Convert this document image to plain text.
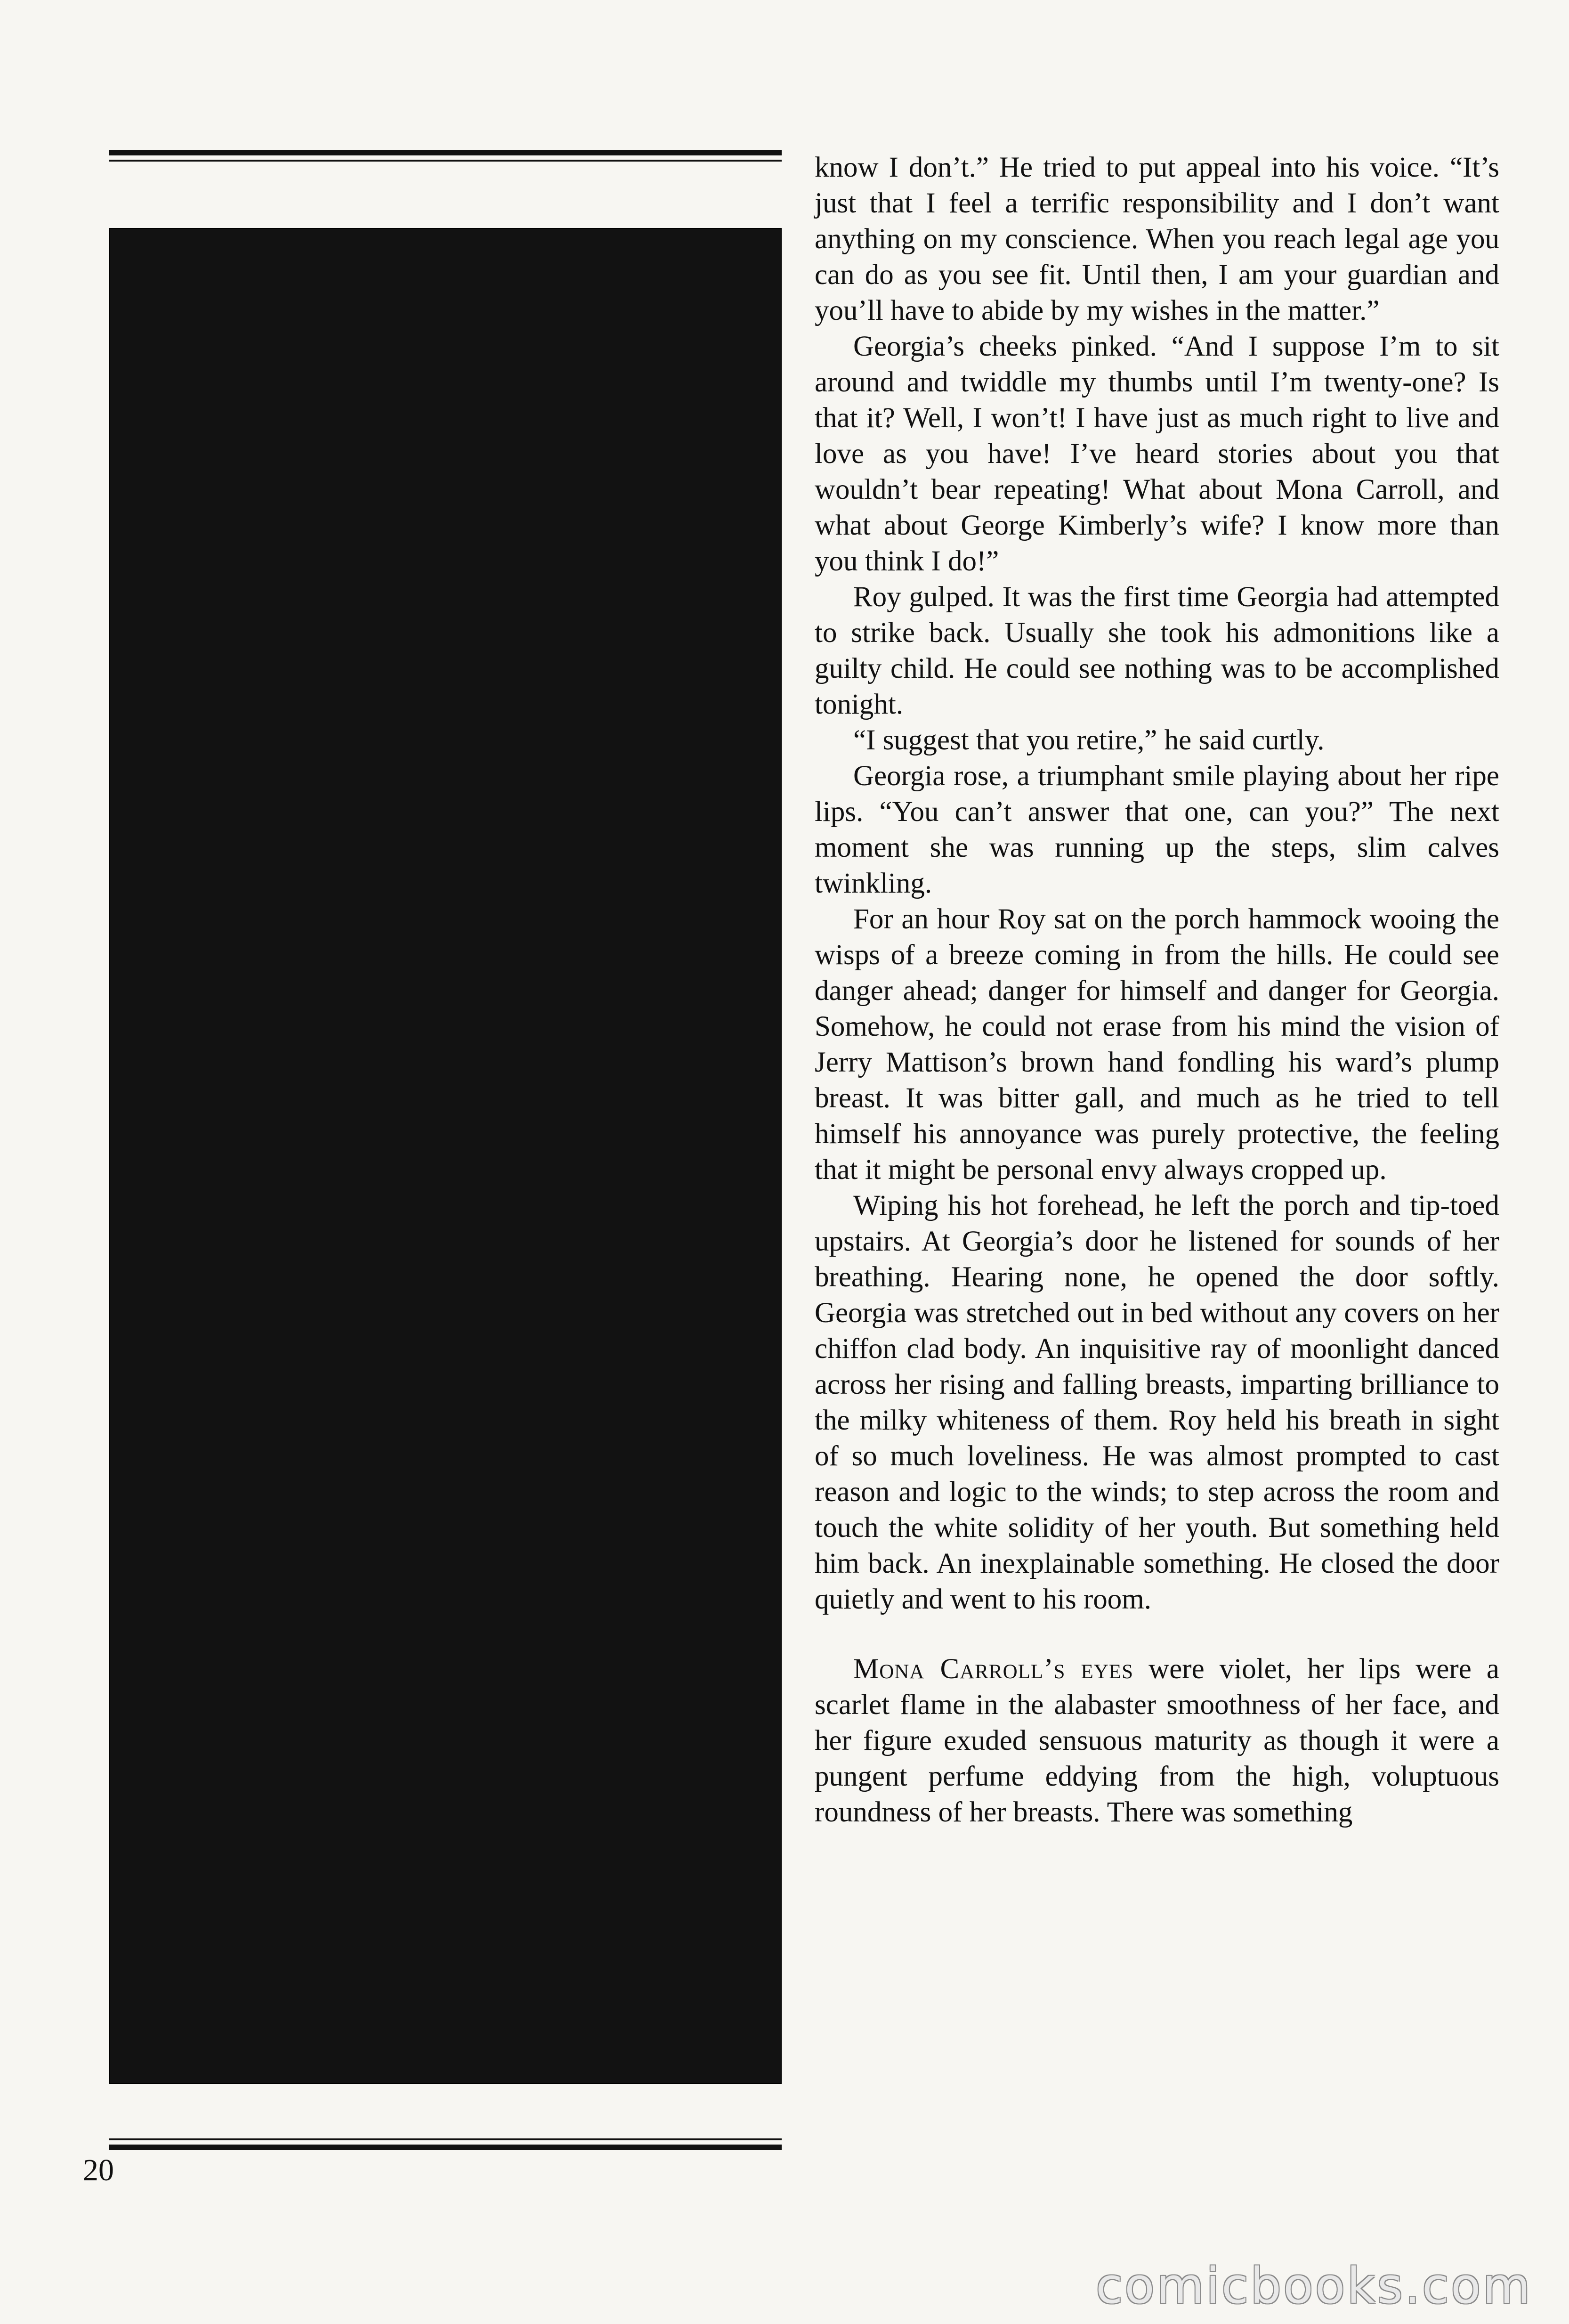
know I don’t.” He tried to put appeal into his voice. “It’s just that I feel a terrific responsibility and I don’t want anything on my conscience. When you reach legal age you can do as you see fit. Until then, I am your guardian and you’ll have to abide by my wishes in the matter.”

Georgia’s cheeks pinked. “And I suppose I’m to sit around and twiddle my thumbs until I’m twenty-one? Is that it? Well, I won’t! I have just as much right to live and love as you have! I’ve heard stories about you that wouldn’t bear repeating! What about Mona Carroll, and what about George Kimberly’s wife? I know more than you think I do!”

Roy gulped. It was the first time Georgia had attempted to strike back. Usually she took his admonitions like a guilty child. He could see nothing was to be accomplished tonight.

“I suggest that you retire,” he said curtly.

Georgia rose, a triumphant smile playing about her ripe lips. “You can’t answer that one, can you?” The next moment she was running up the steps, slim calves twinkling.

For an hour Roy sat on the porch hammock wooing the wisps of a breeze coming in from the hills. He could see danger ahead; danger for himself and danger for Georgia. Somehow, he could not erase from his mind the vision of Jerry Mattison’s brown hand fondling his ward’s plump breast. It was bitter gall, and much as he tried to tell himself his annoyance was purely protective, the feeling that it might be personal envy always cropped up.

Wiping his hot forehead, he left the porch and tip-toed upstairs. At Georgia’s door he listened for sounds of her breathing. Hearing none, he opened the door softly. Georgia was stretched out in bed without any covers on her chiffon clad body. An inquisitive ray of moonlight danced across her rising and falling breasts, imparting brilliance to the milky whiteness of them. Roy held his breath in sight of so much loveliness. He was almost prompted to cast reason and logic to the winds; to step across the room and touch the white solidity of her youth. But something held him back. An inexplainable something. He closed the door quietly and went to his room.

Mona Carroll’s eyes were violet, her lips were a scarlet flame in the alabaster smoothness of her face, and her figure exuded sensuous maturity as though it were a pungent perfume eddying from the high, voluptuous roundness of her breasts. There was something

20
comicbooks.com
